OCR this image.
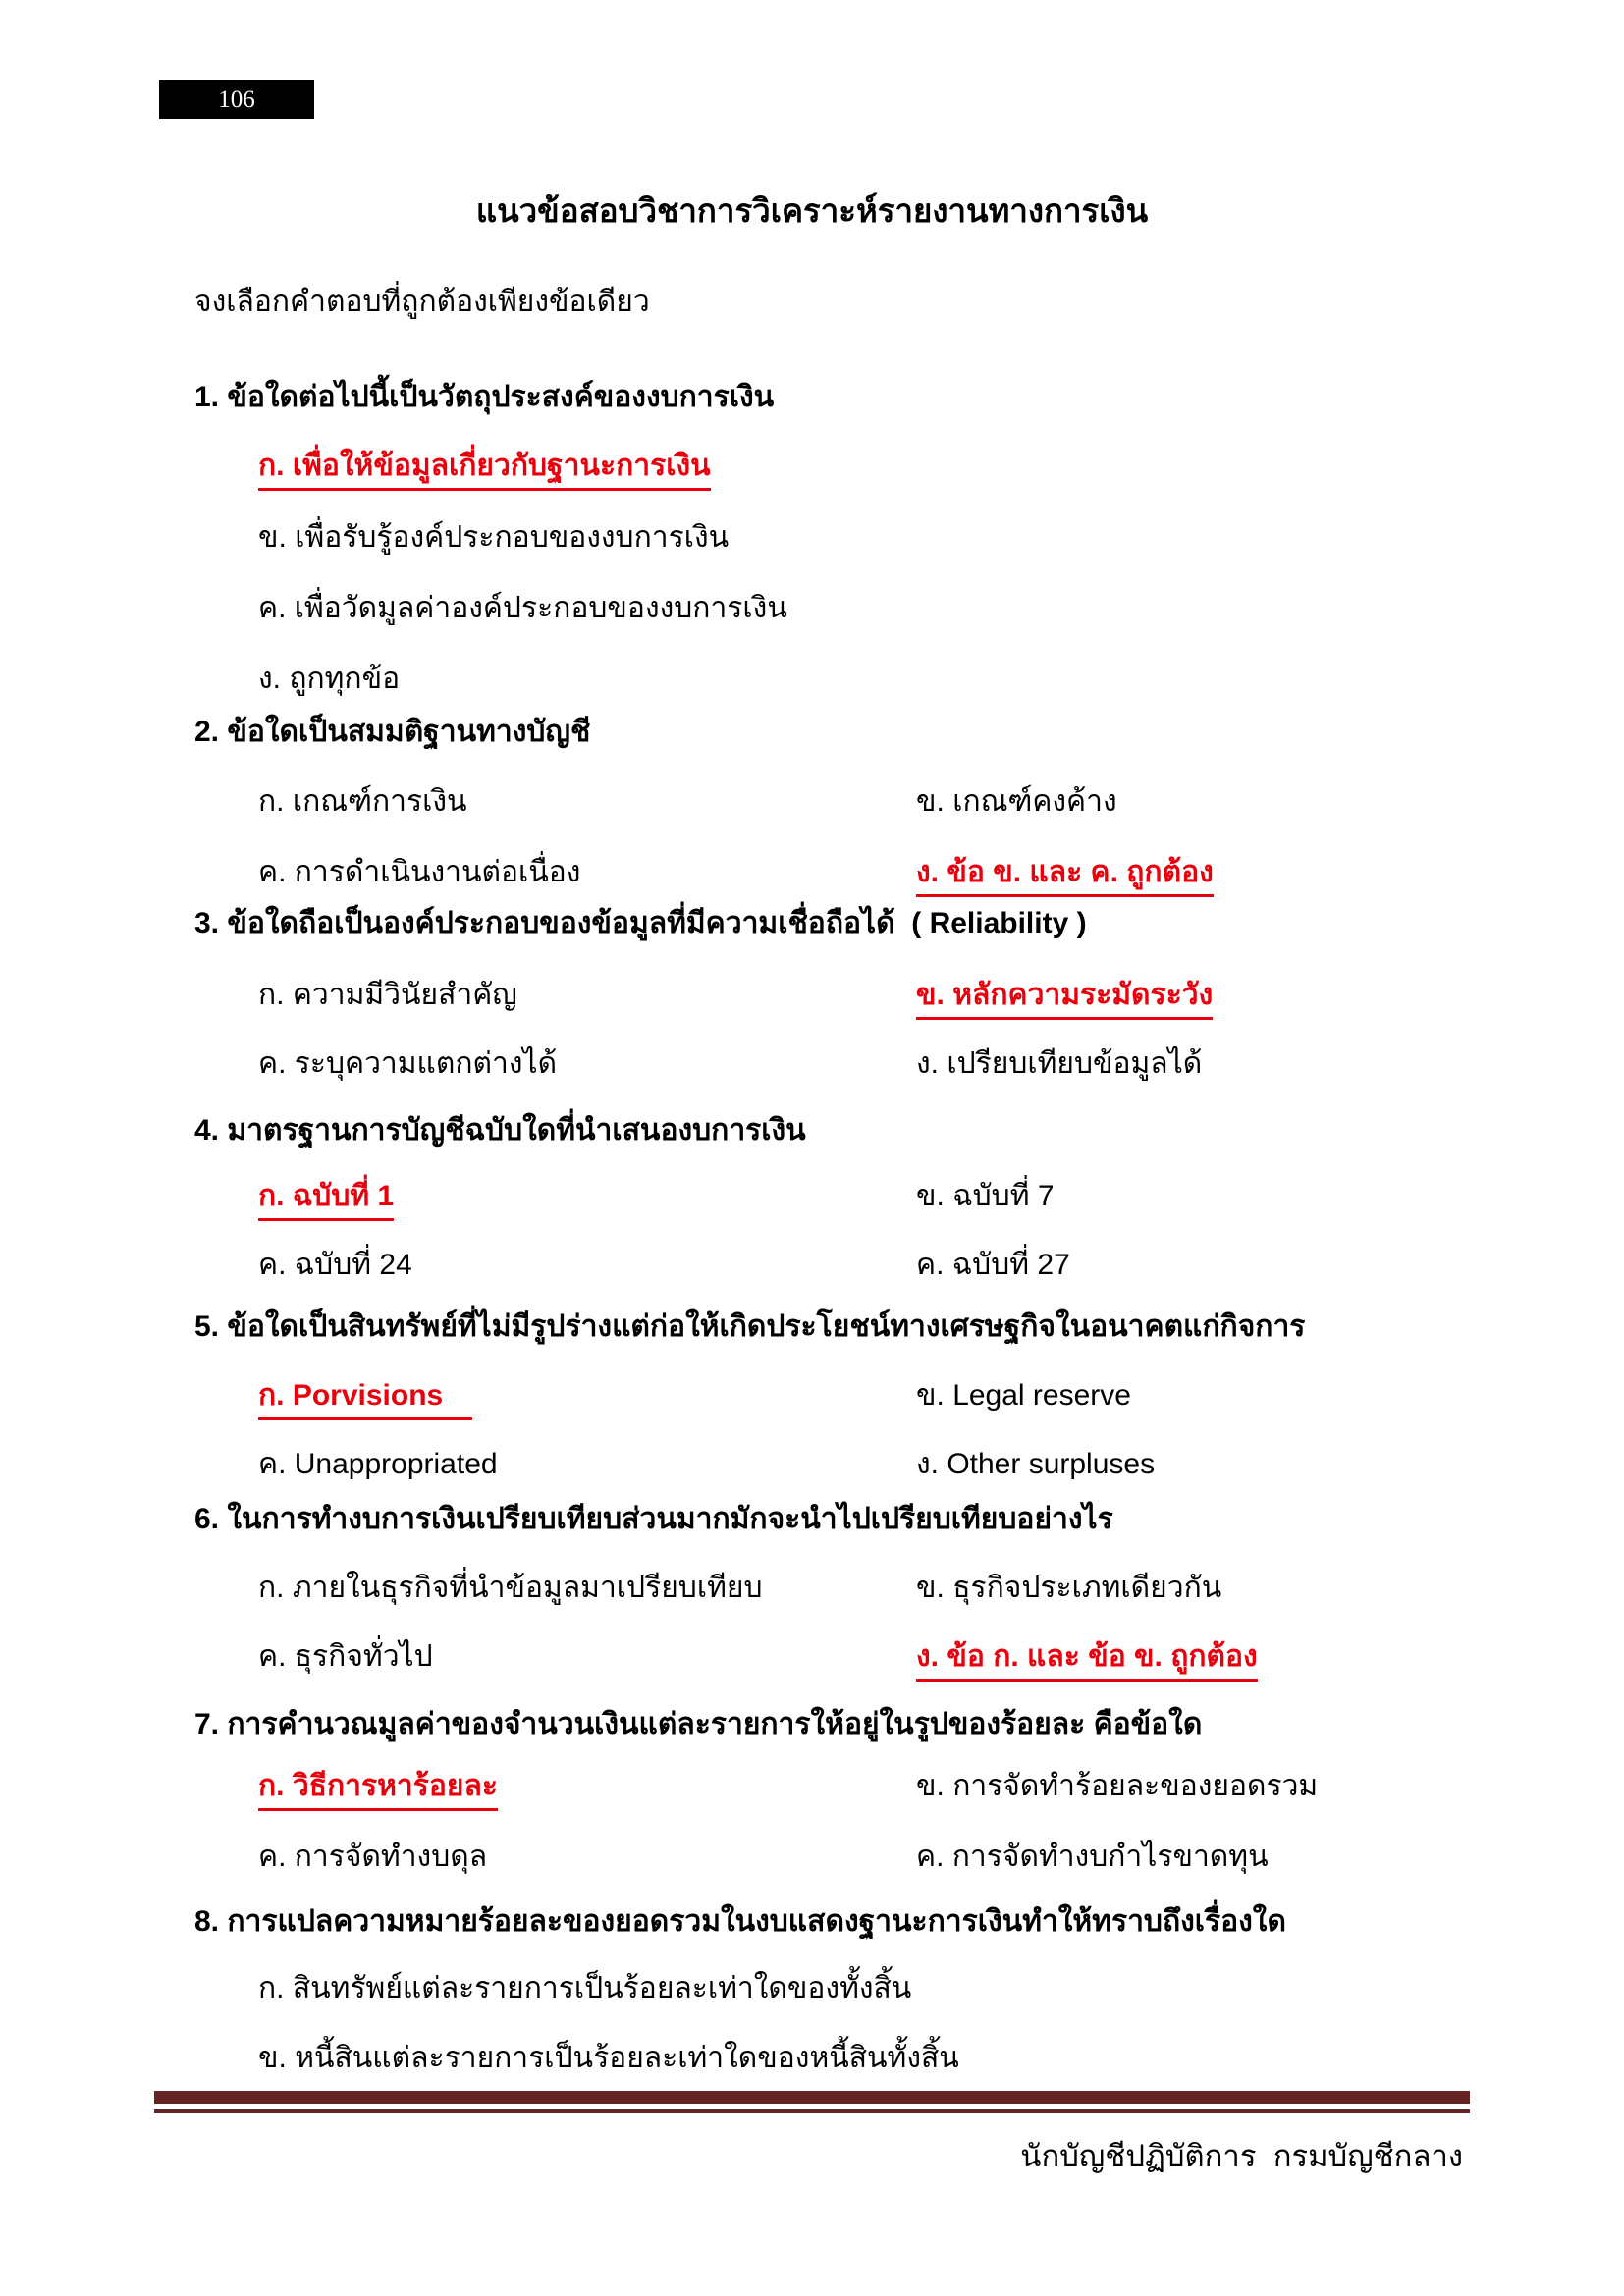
106
แนวข้อสอบวิชาการวิเคราะห์รายงานทางการเงิน
จงเลือกคำตอบที่ถูกต้องเพียงข้อเดียว
1. ข้อใดต่อไปนี้เป็นวัตถุประสงค์ของงบการเงิน
ก. เพื่อให้ข้อมูลเกี่ยวกับฐานะการเงิน
ข. เพื่อรับรู้องค์ประกอบของงบการเงิน
ค. เพื่อวัดมูลค่าองค์ประกอบของงบการเงิน
ง. ถูกทุกข้อ
2. ข้อใดเป็นสมมติฐานทางบัญชี
ก. เกณฑ์การเงิน	ข. เกณฑ์คงค้าง
ค. การดำเนินงานต่อเนื่อง	ง. ข้อ ข. และ ค. ถูกต้อง
3. ข้อใดถือเป็นองค์ประกอบของข้อมูลที่มีความเชื่อถือได้  ( Reliability )
ก. ความมีวินัยสำคัญ	ข. หลักความระมัดระวัง
ค. ระบุความแตกต่างได้	ง. เปรียบเทียบข้อมูลได้
4. มาตรฐานการบัญชีฉบับใดที่นำเสนองบการเงิน
ก. ฉบับที่ 1	ข. ฉบับที่ 7
ค. ฉบับที่ 24	ค. ฉบับที่ 27
5. ข้อใดเป็นสินทรัพย์ที่ไม่มีรูปร่างแต่ก่อให้เกิดประโยชน์ทางเศรษฐกิจในอนาคตแก่กิจการ
ก. Porvisions	ข. Legal reserve
ค. Unappropriated	ง. Other surpluses
6. ในการทำงบการเงินเปรียบเทียบส่วนมากมักจะนำไปเปรียบเทียบอย่างไร
ก. ภายในธุรกิจที่นำข้อมูลมาเปรียบเทียบ	ข. ธุรกิจประเภทเดียวกัน
ค. ธุรกิจทั่วไป	ง. ข้อ ก. และ ข้อ ข. ถูกต้อง
7. การคำนวณมูลค่าของจำนวนเงินแต่ละรายการให้อยู่ในรูปของร้อยละ คือข้อใด
ก. วิธีการหาร้อยละ	ข. การจัดทำร้อยละของยอดรวม
ค. การจัดทำงบดุล	ค. การจัดทำงบกำไรขาดทุน
8. การแปลความหมายร้อยละของยอดรวมในงบแสดงฐานะการเงินทำให้ทราบถึงเรื่องใด
ก. สินทรัพย์แต่ละรายการเป็นร้อยละเท่าใดของทั้งสิ้น
ข. หนี้สินแต่ละรายการเป็นร้อยละเท่าใดของหนี้สินทั้งสิ้น
นักบัญชีปฏิบัติการ  กรมบัญชีกลาง
